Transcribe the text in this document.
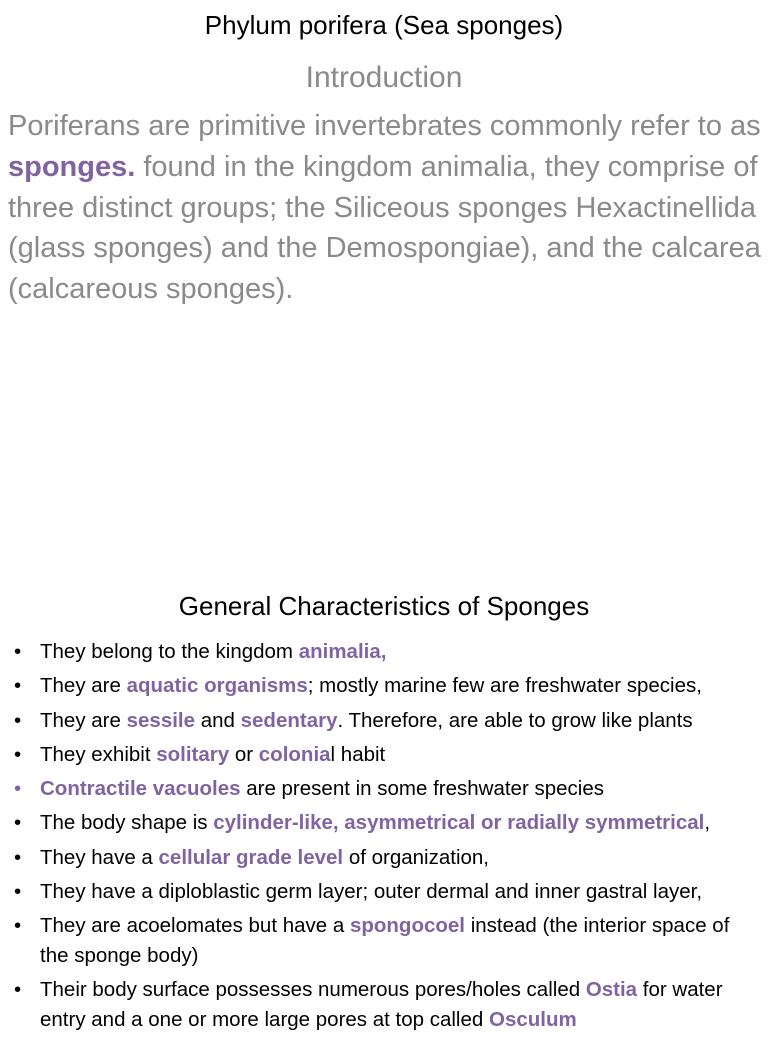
Phylum porifera (Sea sponges)
Introduction

Poriferans are primitive invertebrates commonly refer to as sponges. found in the kingdom animalia, they comprise of three distinct groups; the Siliceous sponges Hexactinellida (glass sponges) and the Demospongiae), and the calcarea (calcareous sponges).

General Characteristics of Sponges
• They belong to the kingdom animalia,
• They are aquatic organisms; mostly marine few are freshwater species,
• They are sessile and sedentary. Therefore, are able to grow like plants
• They exhibit solitary or colonial habit
• Contractile vacuoles are present in some freshwater species
• The body shape is cylinder-like, asymmetrical or radially symmetrical,
• They have a cellular grade level of organization,
• They have a diploblastic germ layer; outer dermal and inner gastral layer,
• They are acoelomates but have a spongocoel instead (the interior space of the sponge body)
• Their body surface possesses numerous pores/holes called Ostia for water entry and a one or more large pores at top called Osculum
